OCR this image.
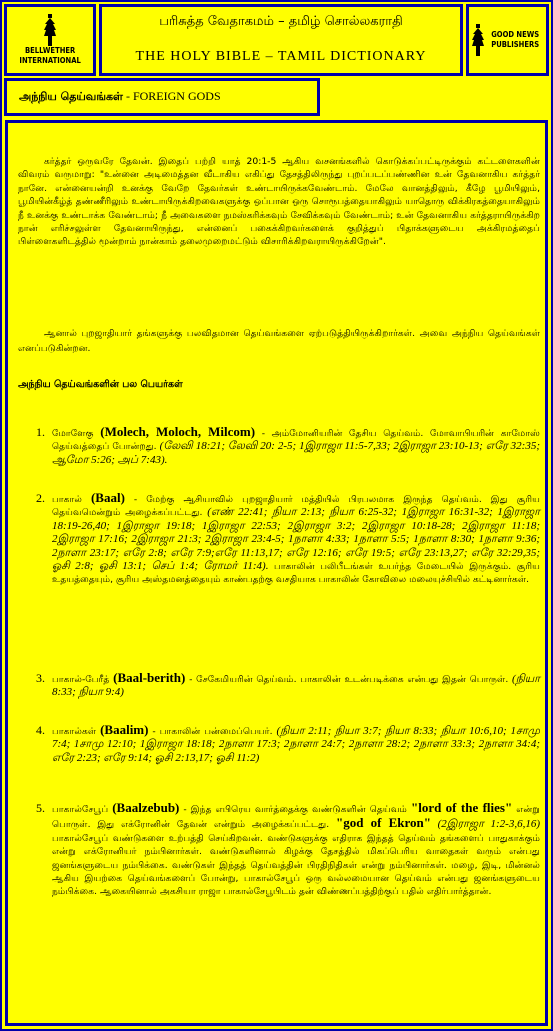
BELLWETHER
INTERNATIONAL
பரிசுத்த வேதாகமம் – தமிழ் சொல்லகராதி
THE HOLY BIBLE – TAMIL DICTIONARY
GOOD NEWS
PUBLISHERS
அந்நிய தெய்வங்கள் - FOREIGN GODS
கர்த்தர் ஒருவரே தேவன். இதைப் பற்றி யாத் 20:1-5 ஆகிய வசனங்களில் கொடுக்கப்பட்டிருக்கும் கட்டளைகளின் விவரம் வருமாறு: "உன்னை அடிமைத்தன வீடாகிய எகிப்து தேசத்திலிருந்து புறப்படப்பண்ணின உன் தேவனாகிய கர்த்தர் நானே. என்னையன்றி உனக்கு வேறே தேவர்கள் உண்டாயிருக்கவேண்டாம். மேலே வானத்திலும், கீழே பூமியிலும், பூமியின்கீழ்த் தண்ணீரிலும் உண்டாயிருக்கிறவைகளுக்கு ஒப்பான ஒரு சொரூபத்தையாகிலும் யாதொரு விக்கிரகத்தையாகிலும் நீ உனக்கு உண்டாக்க வேண்டாம்; நீ அவைகளை நமஸ்கரிக்கவும் சேவிக்கவும் வேண்டாம்; உன் தேவனாகிய கர்த்தராயிருக்கிற நான் எரிச்சலுள்ள தேவனாயிருந்து, என்னைப் பகைக்கிறவர்களைக் குறித்துப் பிதாக்களுடைய அக்கிரமத்தைப் பிள்ளைகளிடத்தில் மூன்றாம் நான்காம் தலைமுறைமட்டும் விசாரிக்கிறவராயிருக்கிறேன்".
ஆனால் புறஜாதியார் தங்களுக்கு பலவிதமான தெய்வங்களை ஏற்படுத்தியிருக்கிறார்கள். அவை அந்நிய தெய்வங்கள் எனப்படுகின்றன.
அந்நிய தெய்வங்களின் பல பெயர்கள்
1. மோளேகு (Molech, Moloch, Milcom) - அம்மோனியரின் தேசிய தெய்வம். மோவாபியரின் காமோஸ் தெய்வத்தைப் போன்றது. (லேவி 18:21; லேவி 20: 2-5; 1இராஜா 11:5-7,33; 2இராஜா 23:10-13; எரே 32:35; ஆமோ 5:26; அப் 7:43).
2. பாகால் (Baal) - மேற்கு ஆசியாவில் புறஜாதியார் மத்தியில் பிரபலமாக இருந்த தெய்வம். இது சூரிய தெய்வமென்றும் அழைக்கப்பட்டது. (எண் 22:41; நியா 2:13; நியா 6:25-32; 1இராஜா 16:31-32; 1இராஜா 18:19-26,40; 1இராஜா 19:18; 1இராஜா 22:53; 2இராஜா 3:2; 2இராஜா 10:18-28; 2இராஜா 11:18; 2இராஜா 17:16; 2இராஜா 21:3; 2இராஜா 23:4-5; 1நாளா 4:33; 1நாளா 5:5; 1நாளா 8:30; 1நாளா 9:36; 2நாளா 23:17; எரே 2:8; எரே 7:9;எரே 11:13,17; எரே 12:16; எரே 19:5; எரே 23:13,27; எரே 32:29,35; ஓசி 2:8; ஓசி 13:1; செப் 1:4; ரோமர் 11:4). பாகாலின் பலிபீடங்கள் உயர்ந்த மேடையில் இருக்கும். சூரிய உதயத்தையும், சூரிய அஸ்தமனத்தையும் காண்பதற்கு வசதியாக பாகாலின் கோவிலை மலையுச்சியில் கட்டினார்கள்.
3. பாகால்-பேரீத் (Baal-berith) - சேகேமியரின் தெய்வம். பாகாலின் உடன்படிக்கை என்பது இதன் பொருள். (நியா 8:33; நியா 9:4)
4. பாகால்கள் (Baalim) - பாகாலின் பன்மைப்பெயர். (நியா 2:11; நியா 3:7; நியா 8:33; நியா 10:6,10; 1சாமு 7:4; 1சாமு 12:10; 1இராஜா 18:18; 2நாளா 17:3; 2நாளா 24:7; 2நாளா 28:2; 2நாளா 33:3; 2நாளா 34:4; எரே 2:23; எரே 9:14; ஓசி 2:13,17; ஓசி 11:2)
5. பாகால்சேபூப் (Baalzebub) - இந்த எபிரெய வார்த்தைக்கு வண்டுகளின் தெய்வம் "lord of the flies" என்று பொருள். இது எக்ரோனின் தேவன் என்றும் அழைக்கப்பட்டது. "god of Ekron" (2இராஜா 1:2-3,6,16) பாகால்சேபூப் வண்டுகளை உற்பத்தி செய்கிறவன். வண்டுகளுக்கு எதிராக இந்தத் தெய்வம் தங்களைப் பாதுகாக்கும் என்று எக்ரோனியர் நம்பினார்கள். வண்டுகளினால் கிழக்கு தேசத்தில் மிகப்பெரிய வாதைகள் வரும் என்பது ஜனங்களுடைய நம்பிக்கை. வண்டுகள் இந்தத் தெய்வத்தின் பிரதிநிதிகள் என்று நம்பினார்கள். மழை, இடி, மின்னல் ஆகிய இயற்கை தெய்வங்களைப் போன்று, பாகால்சேபூப் ஒரு வல்லமையான தெய்வம் என்பது ஜனங்களுடைய நம்பிக்கை. ஆகையினால் அகசியா ராஜா பாகால்சேபூபிடம் தன் விண்ணப்பத்திற்குப் பதில் எதிர்பார்த்தான்.
